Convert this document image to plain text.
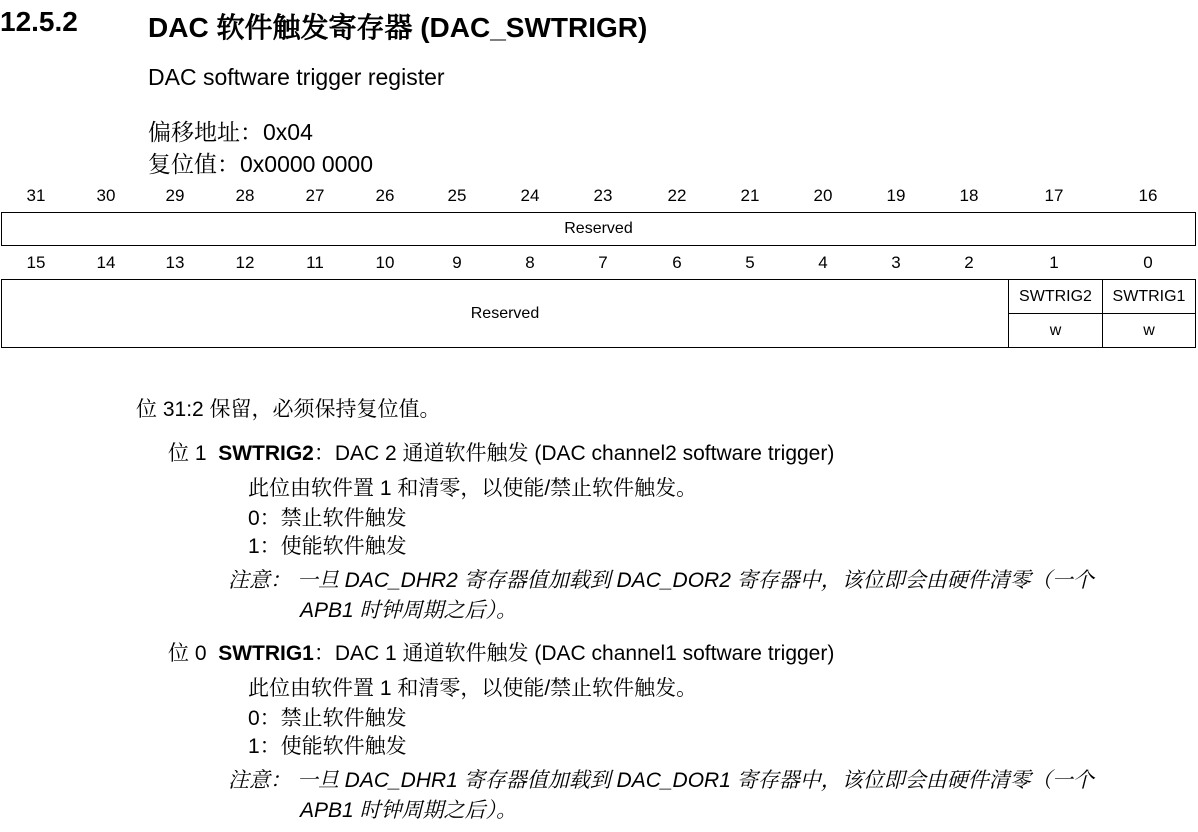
12.5.2	DAC 软件触发寄存器 (DAC_SWTRIGR)
DAC software trigger register
偏移地址：0x04
复位值：0x0000 0000
31	30	29	28	27	26	25	24	23	22	21	20	19	18	17	16
Reserved
15	14	13	12	11	10	9	8	7	6	5	4	3	2	1	0
Reserved
SWTRIG2	SWTRIG1
w	w
位 31:2 保留，必须保持复位值。
位 1 SWTRIG2：DAC 2 通道软件触发 (DAC channel2 software trigger)
此位由软件置 1 和清零，以使能/禁止软件触发。
0：禁止软件触发
1：使能软件触发
注意： 一旦 DAC_DHR2 寄存器值加载到 DAC_DOR2 寄存器中，该位即会由硬件清零（一个
APB1 时钟周期之后）。
位 0 SWTRIG1：DAC 1 通道软件触发 (DAC channel1 software trigger)
此位由软件置 1 和清零，以使能/禁止软件触发。
0：禁止软件触发
1：使能软件触发
注意： 一旦 DAC_DHR1 寄存器值加载到 DAC_DOR1 寄存器中，该位即会由硬件清零（一个
APB1 时钟周期之后）。
